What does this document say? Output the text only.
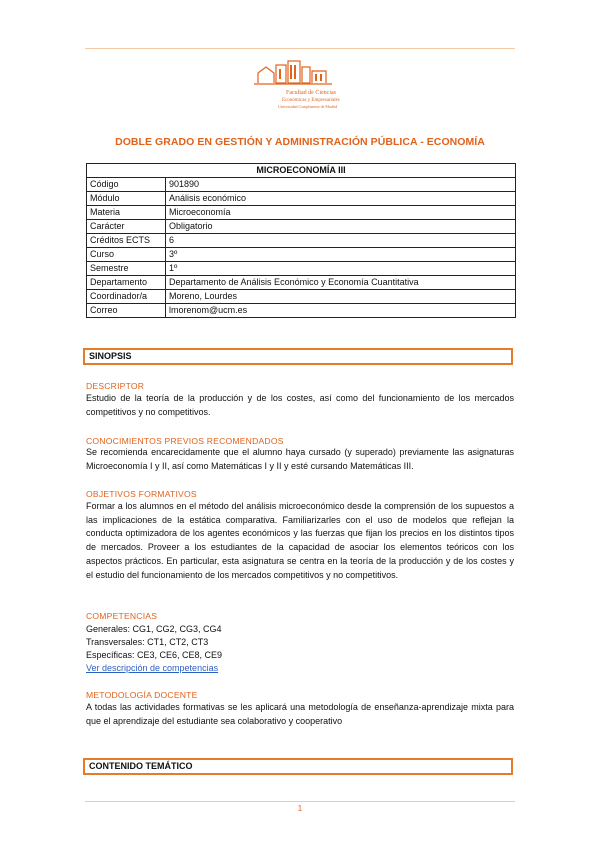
Facultad de Ciencias
Económicas y Empresariales
Universidad Complutense de Madrid
DOBLE GRADO EN GESTIÓN Y ADMINISTRACIÓN PÚBLICA - ECONOMÍA
MICROECONOMÍA III	
Código	901890
Módulo	Análisis económico
Materia	Microeconomía
Carácter	Obligatorio
Créditos ECTS	6
Curso	3º
Semestre	1º
Departamento	Departamento de Análisis Económico y Economía Cuantitativa
Coordinador/a	Moreno, Lourdes
Correo	lmorenom@ucm.es
SINOPSIS
DESCRIPTOR
Estudio de la teoría de la producción y de los costes, así como del funcionamiento de los mercados competitivos y no competitivos.
CONOCIMIENTOS PREVIOS RECOMENDADOS
Se recomienda encarecidamente que el alumno haya cursado (y superado) previamente las asignaturas Microeconomía I y II, así como Matemáticas I y II y esté cursando Matemáticas III.
OBJETIVOS FORMATIVOS
Formar a los alumnos en el método del análisis microeconómico desde la comprensión de los supuestos a las implicaciones de la estática comparativa. Familiarizarles con el uso de modelos que reflejan la conducta optimizadora de los agentes económicos y las fuerzas que fijan los precios en los distintos tipos de mercados. Proveer a los estudiantes de la capacidad de asociar los elementos teóricos con los aspectos prácticos. En particular, esta asignatura se centra en la teoría de la producción y de los costes y el estudio del funcionamiento de los mercados competitivos y no competitivos.
COMPETENCIAS
Generales: CG1, CG2, CG3, CG4
Transversales: CT1, CT2, CT3
Específicas: CE3, CE6, CE8, CE9
Ver descripción de competencias
METODOLOGÍA DOCENTE
A todas las actividades formativas se les aplicará una metodología de enseñanza-aprendizaje mixta para que el aprendizaje del estudiante sea colaborativo y cooperativo
CONTENIDO TEMÁTICO
1
